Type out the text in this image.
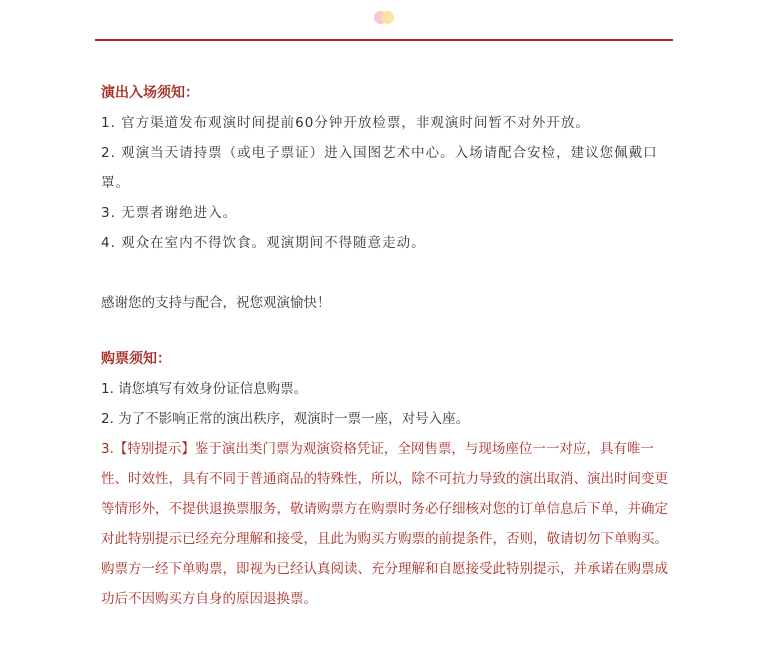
演出入场须知：

1. 官方渠道发布观演时间提前60分钟开放检票，非观演时间暂不对外开放。

2. 观演当天请持票（或电子票证）进入国图艺术中心。入场请配合安检，建议您佩戴口罩。

3. 无票者谢绝进入。

4. 观众在室内不得饮食。观演期间不得随意走动。

感谢您的支持与配合，祝您观演愉快！

购票须知：

1. 请您填写有效身份证信息购票。

2. 为了不影响正常的演出秩序，观演时一票一座，对号入座。

3.【特别提示】鉴于演出类门票为观演资格凭证，全网售票，与现场座位一一对应，具有唯一性、时效性，具有不同于普通商品的特殊性，所以，除不可抗力导致的演出取消、演出时间变更等情形外，不提供退换票服务，敬请购票方在购票时务必仔细核对您的订单信息后下单，并确定对此特别提示已经充分理解和接受，且此为购买方购票的前提条件，否则，敬请切勿下单购买。购票方一经下单购票，即视为已经认真阅读、充分理解和自愿接受此特别提示，并承诺在购票成功后不因购买方自身的原因退换票。
